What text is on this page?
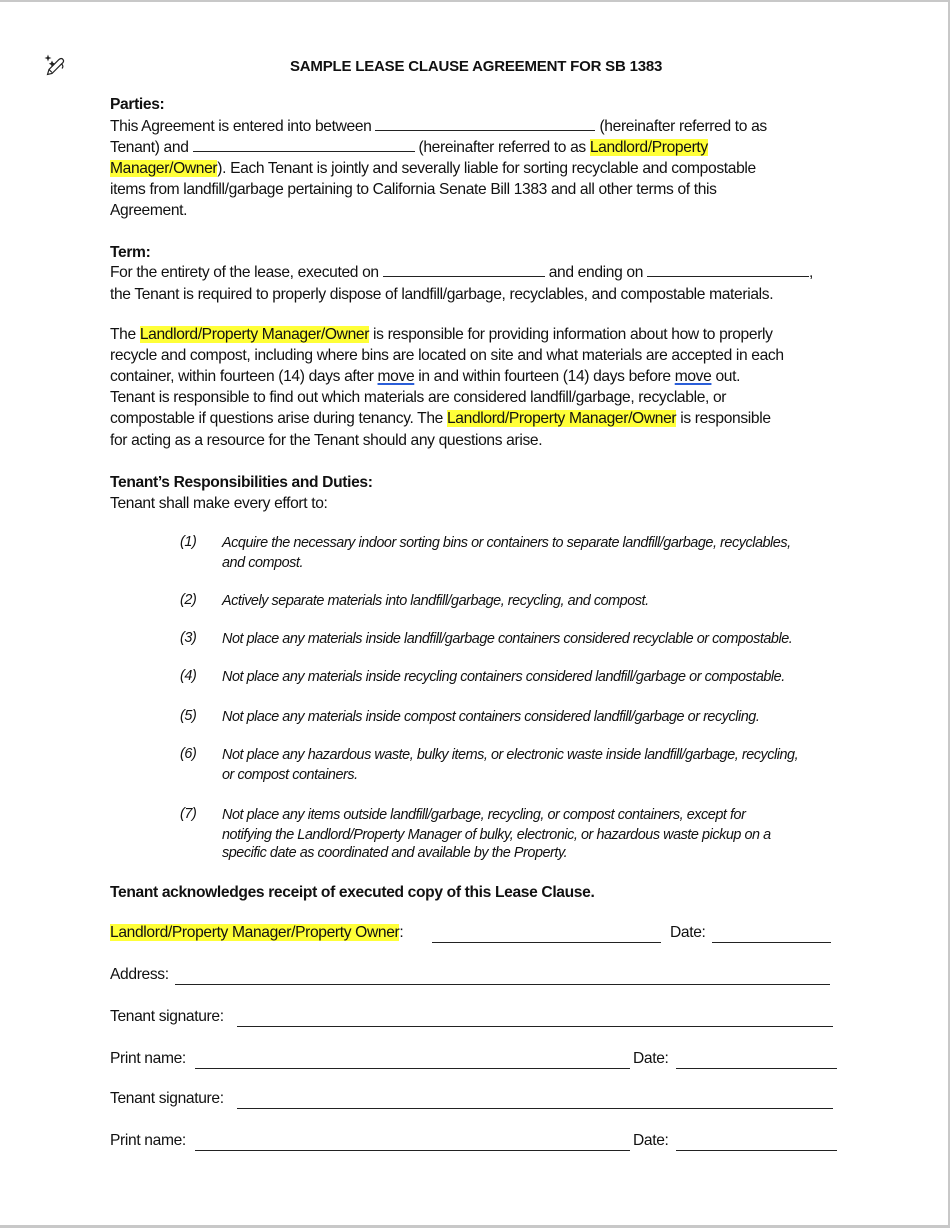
SAMPLE LEASE CLAUSE AGREEMENT FOR SB 1383
Parties:
This Agreement is entered into between	(hereinafter referred to as
Tenant) and	(hereinafter referred to as Landlord/Property
Manager/Owner). Each Tenant is jointly and severally liable for sorting recyclable and compostable
items from landfill/garbage pertaining to California Senate Bill 1383 and all other terms of this
Agreement.
Term:
For the entirety of the lease, executed on	and ending on	,
the Tenant is required to properly dispose of landfill/garbage, recyclables, and compostable materials.
The Landlord/Property Manager/Owner is responsible for providing information about how to properly
recycle and compost, including where bins are located on site and what materials are accepted in each
container, within fourteen (14) days after move in and within fourteen (14) days before move out.
Tenant is responsible to find out which materials are considered landfill/garbage, recyclable, or
compostable if questions arise during tenancy. The Landlord/Property Manager/Owner is responsible
for acting as a resource for the Tenant should any questions arise.
Tenant’s Responsibilities and Duties:
Tenant shall make every effort to:
(1) Acquire the necessary indoor sorting bins or containers to separate landfill/garbage, recyclables,
and compost.
(2) Actively separate materials into landfill/garbage, recycling, and compost.
(3) Not place any materials inside landfill/garbage containers considered recyclable or compostable.
(4) Not place any materials inside recycling containers considered landfill/garbage or compostable.
(5) Not place any materials inside compost containers considered landfill/garbage or recycling.
(6) Not place any hazardous waste, bulky items, or electronic waste inside landfill/garbage, recycling,
or compost containers.
(7) Not place any items outside landfill/garbage, recycling, or compost containers, except for
notifying the Landlord/Property Manager of bulky, electronic, or hazardous waste pickup on a
specific date as coordinated and available by the Property.
Tenant acknowledges receipt of executed copy of this Lease Clause.
Landlord/Property Manager/Property Owner:	Date:
Address:
Tenant signature:
Print name:	Date:
Tenant signature:
Print name:	Date:
